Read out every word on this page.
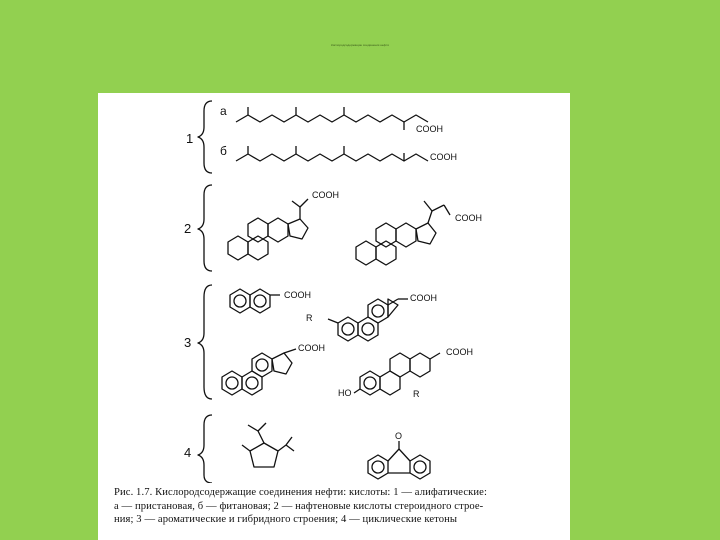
Кислородсодержащие соединения нефти
1
2
3
4
а
б
COOH
COOH
COOH
COOH
COOH	COOH
R
COOH	COOH
HO	R
O
Рис. 1.7. Кислородсодержащие соединения нефти: кислоты: 1 — алифатические:
а — пристановая, б — фитановая; 2 — нафтеновые кислоты стероидного строе-
ния; 3 — ароматические и гибридного строения; 4 — циклические кетоны
